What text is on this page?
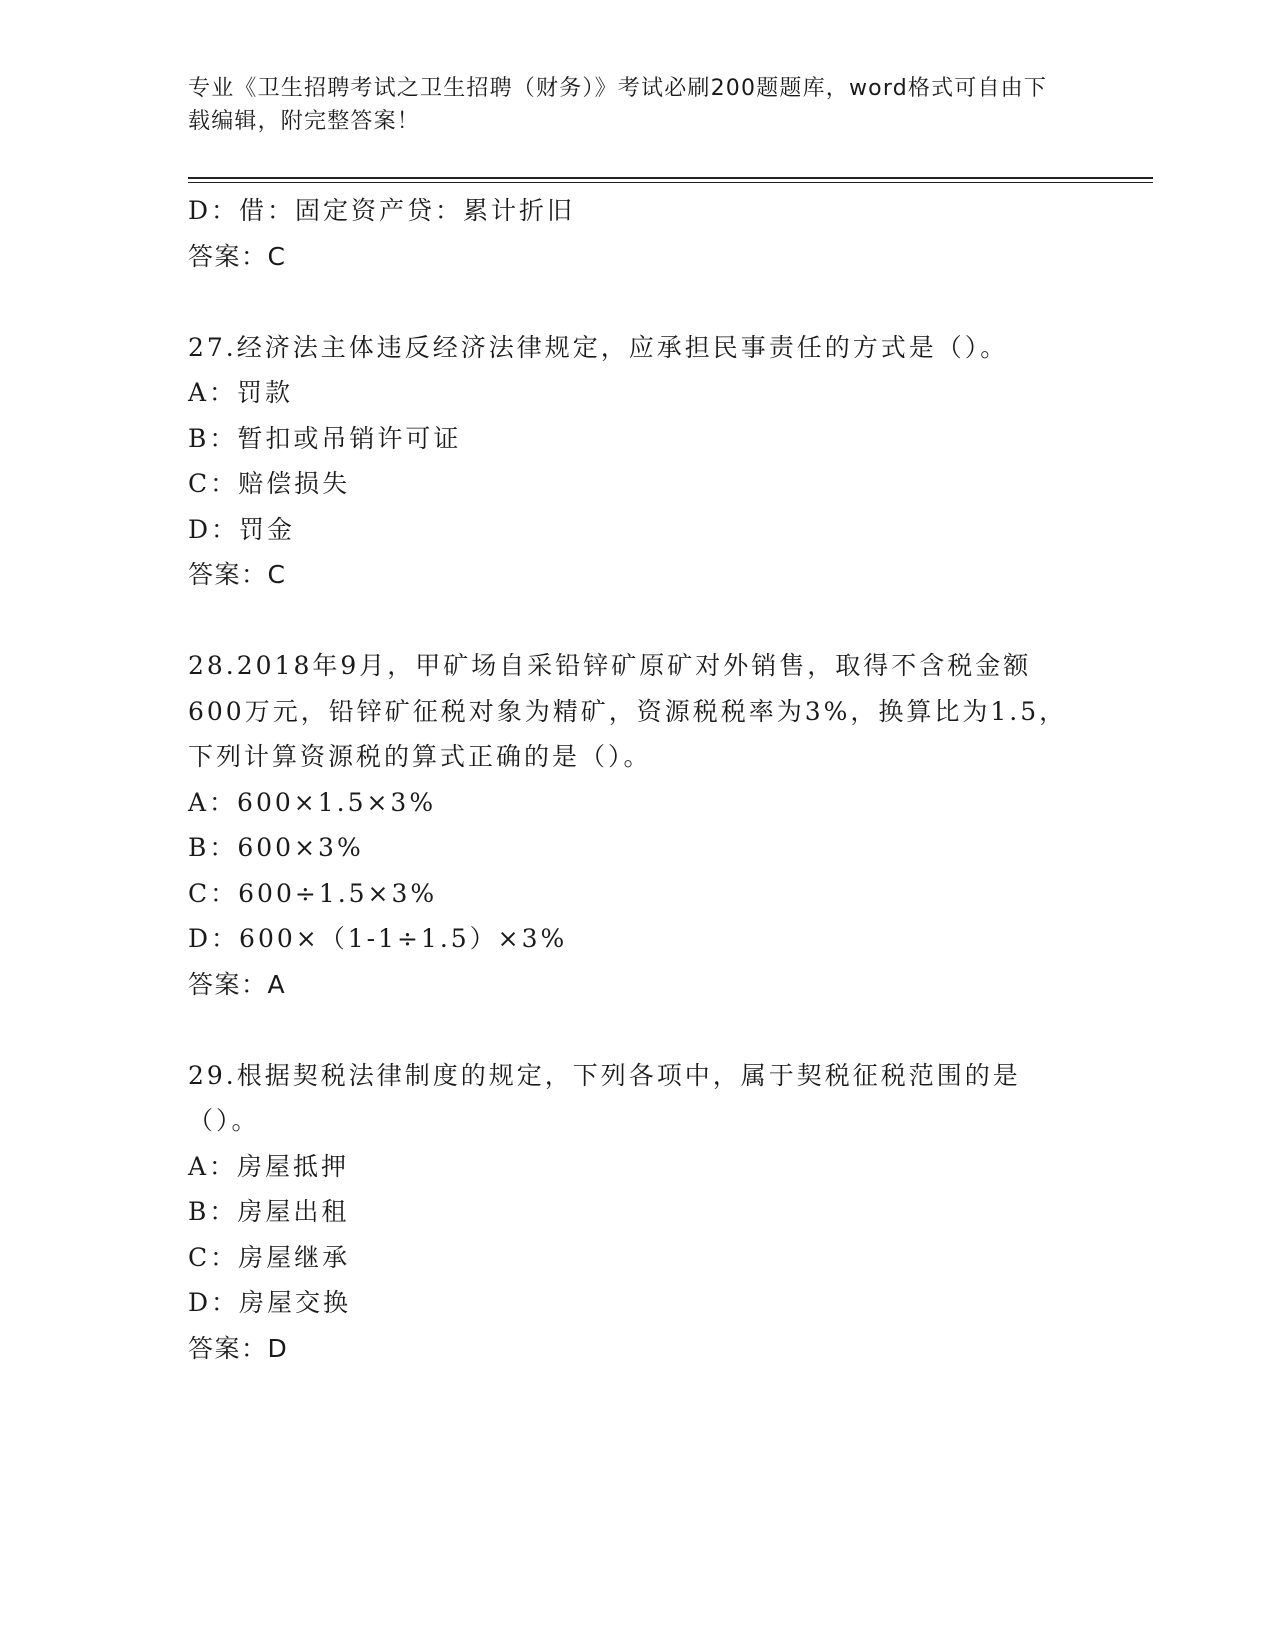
专业《卫生招聘考试之卫生招聘（财务）》考试必刷200题题库，word格式可自由下载编辑，附完整答案！
D：借：固定资产贷：累计折旧
答案：C
27.经济法主体违反经济法律规定，应承担民事责任的方式是（）。
A：罚款
B：暂扣或吊销许可证
C：赔偿损失
D：罚金
答案：C
28.2018年9月，甲矿场自采铅锌矿原矿对外销售，取得不含税金额600万元，铅锌矿征税对象为精矿，资源税税率为3%，换算比为1.5，下列计算资源税的算式正确的是（）。
A：600×1.5×3%
B：600×3%
C：600÷1.5×3%
D：600×（1-1÷1.5）×3%
答案：A
29.根据契税法律制度的规定，下列各项中，属于契税征税范围的是（）。
A：房屋抵押
B：房屋出租
C：房屋继承
D：房屋交换
答案：D
